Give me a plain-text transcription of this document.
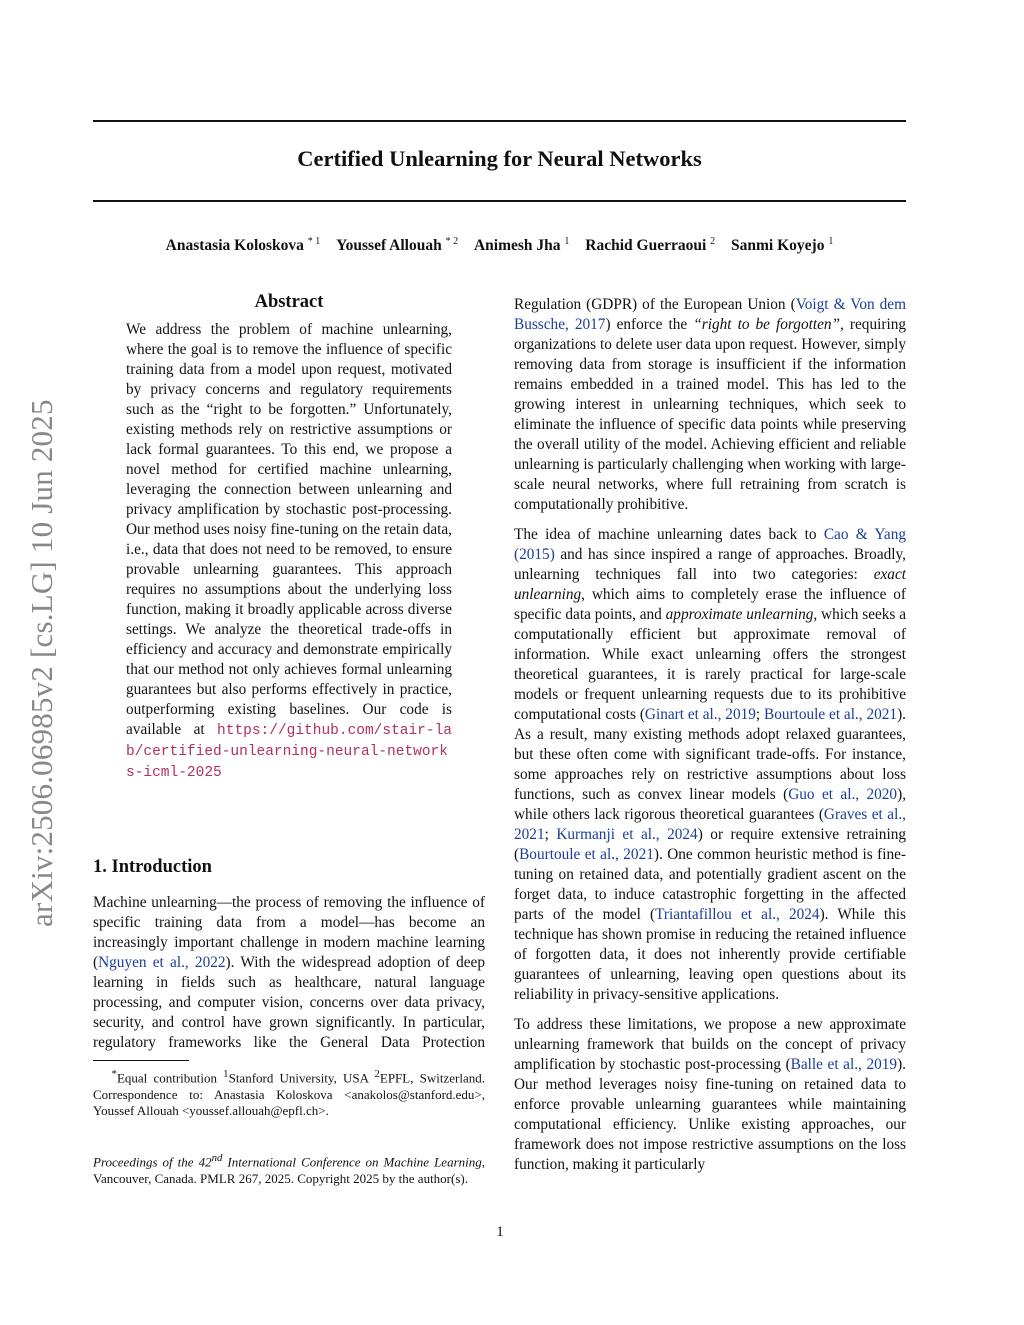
arXiv:2506.06985v2 [cs.LG] 10 Jun 2025
Certified Unlearning for Neural Networks
Anastasia Koloskova $^{* 1}$ Youssef Allouah $^{* 2}$ Animesh Jha $^1$ Rachid Guerraoui $^2$ Sanmi Koyejo $^1$
Abstract

We address the problem of machine unlearning, where the goal is to remove the influence of specific training data from a model upon request, motivated by privacy concerns and regulatory requirements such as the “right to be forgotten.” Unfortunately, existing methods rely on restrictive assumptions or lack formal guarantees. To this end, we propose a novel method for certified machine unlearning, leveraging the connection between unlearning and privacy amplification by stochastic post-processing. Our method uses noisy fine-tuning on the retain data, i.e., data that does not need to be removed, to ensure provable unlearning guarantees. This approach requires no assumptions about the underlying loss function, making it broadly applicable across diverse settings. We analyze the theoretical trade-offs in efficiency and accuracy and demonstrate empirically that our method not only achieves formal unlearning guarantees but also performs effectively in practice, outperforming existing baselines. Our code is available at https://github.com/stair-lab/certified-unlearning-neural-networks-icml-2025

1. Introduction

*Equal contribution $^1$Stanford University, USA $^2$EPFL, Switzerland. Correspondence to: Anastasia Koloskova <anakolos@stanford.edu>, Youssef Allouah <youssef.allouah@epfl.ch>.

Proceedings of the 42nd International Conference on Machine Learning, Vancouver, Canada. PMLR 267, 2025. Copyright 2025 by the author(s).

1

Machine unlearning—the process of removing the influence of specific training data from a model—has become an increasingly important challenge in modern machine learning (Nguyen et al., 2022). With the widespread adoption of deep learning in fields such as healthcare, natural language processing, and computer vision, concerns over data privacy, security, and control have grown significantly. In particular, regulatory frameworks like the General Data Protection

Regulation (GDPR) of the European Union (Voigt & Von dem Bussche, 2017) enforce the “right to be forgotten”, requiring organizations to delete user data upon request. However, simply removing data from storage is insufficient if the information remains embedded in a trained model. This has led to the growing interest in unlearning techniques, which seek to eliminate the influence of specific data points while preserving the overall utility of the model. Achieving efficient and reliable unlearning is particularly challenging when working with large-scale neural networks, where full retraining from scratch is computationally prohibitive.

The idea of machine unlearning dates back to Cao & Yang (2015) and has since inspired a range of approaches. Broadly, unlearning techniques fall into two categories: exact unlearning, which aims to completely erase the influence of specific data points, and approximate unlearning, which seeks a computationally efficient but approximate removal of information. While exact unlearning offers the strongest theoretical guarantees, it is rarely practical for large-scale models or frequent unlearning requests due to its prohibitive computational costs (Ginart et al., 2019; Bourtoule et al., 2021). As a result, many existing methods adopt relaxed guarantees, but these often come with significant trade-offs. For instance, some approaches rely on restrictive assumptions about loss functions, such as convex linear models (Guo et al., 2020), while others lack rigorous theoretical guarantees (Graves et al., 2021; Kurmanji et al., 2024) or require extensive retraining (Bourtoule et al., 2021). One common heuristic method is fine-tuning on retained data, and potentially gradient ascent on the forget data, to induce catastrophic forgetting in the affected parts of the model (Triantafillou et al., 2024). While this technique has shown promise in reducing the retained influence of forgotten data, it does not inherently provide certifiable guarantees of unlearning, leaving open questions about its reliability in privacy-sensitive applications.

To address these limitations, we propose a new approximate unlearning framework that builds on the concept of privacy amplification by stochastic post-processing (Balle et al., 2019). Our method leverages noisy fine-tuning on retained data to enforce provable unlearning guarantees while maintaining computational efficiency. Unlike existing approaches, our framework does not impose restrictive assumptions on the loss function, making it particularly
